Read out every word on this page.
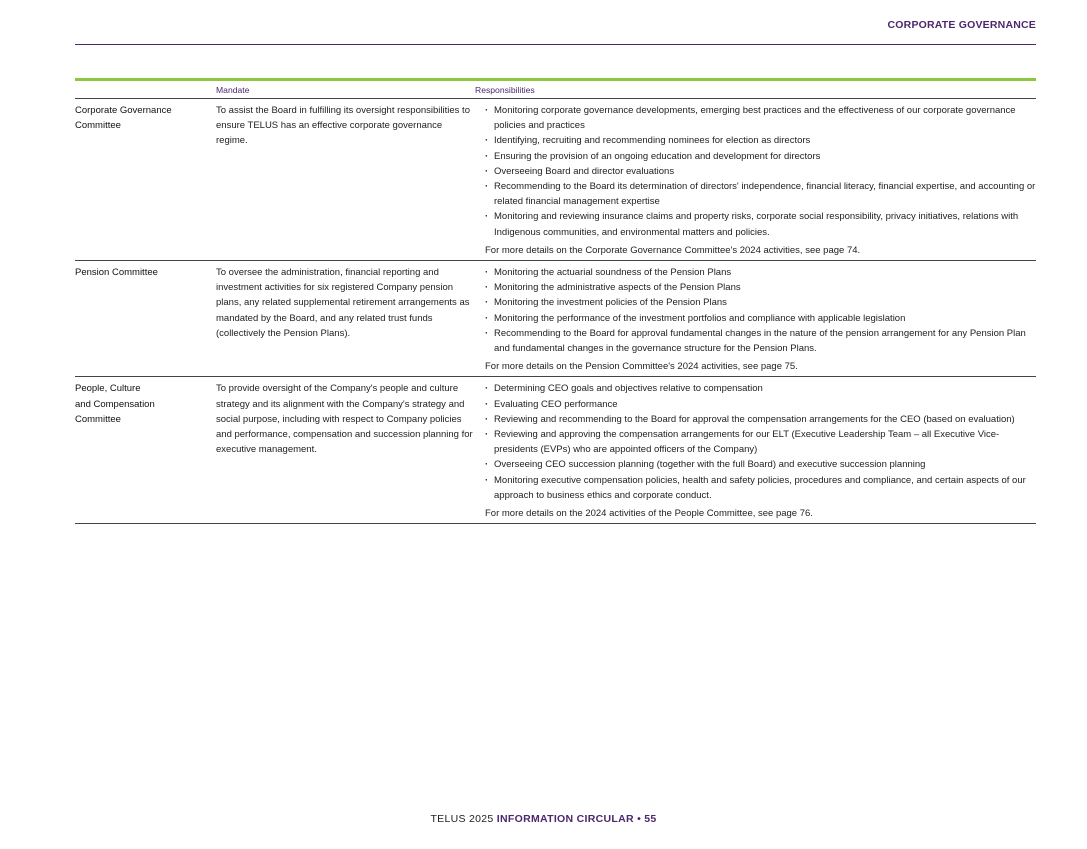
CORPORATE GOVERNANCE
Mandate	Responsibilities
Corporate Governance
Committee
To assist the Board in fulfilling its oversight responsibilities to ensure TELUS has an effective corporate governance regime.
· Monitoring corporate governance developments, emerging best practices and the effectiveness of our corporate governance policies and practices
· Identifying, recruiting and recommending nominees for election as directors
· Ensuring the provision of an ongoing education and development for directors
· Overseeing Board and director evaluations
· Recommending to the Board its determination of directors' independence, financial literacy, financial expertise, and accounting or related financial management expertise
· Monitoring and reviewing insurance claims and property risks, corporate social responsibility, privacy initiatives, relations with Indigenous communities, and environmental matters and policies.
For more details on the Corporate Governance Committee's 2024 activities, see page 74.
Pension Committee	To oversee the administration, financial reporting and investment activities for six registered Company pension plans, any related supplemental retirement arrangements as mandated by the Board, and any related trust funds (collectively the Pension Plans).
· Monitoring the actuarial soundness of the Pension Plans
· Monitoring the administrative aspects of the Pension Plans
· Monitoring the investment policies of the Pension Plans
· Monitoring the performance of the investment portfolios and compliance with applicable legislation
· Recommending to the Board for approval fundamental changes in the nature of the pension arrangement for any Pension Plan and fundamental changes in the governance structure for the Pension Plans.
For more details on the Pension Committee's 2024 activities, see page 75.
People, Culture
and Compensation
Committee
To provide oversight of the Company's people and culture strategy and its alignment with the Company's strategy and social purpose, including with respect to Company policies and performance, compensation and succession planning for executive management.
· Determining CEO goals and objectives relative to compensation
· Evaluating CEO performance
· Reviewing and recommending to the Board for approval the compensation arrangements for the CEO (based on evaluation)
· Reviewing and approving the compensation arrangements for our ELT (Executive Leadership Team – all Executive Vice-presidents (EVPs) who are appointed officers of the Company)
· Overseeing CEO succession planning (together with the full Board) and executive succession planning
· Monitoring executive compensation policies, health and safety policies, procedures and compliance, and certain aspects of our approach to business ethics and corporate conduct.
For more details on the 2024 activities of the People Committee, see page 76.
TELUS 2025 INFORMATION CIRCULAR • 55
